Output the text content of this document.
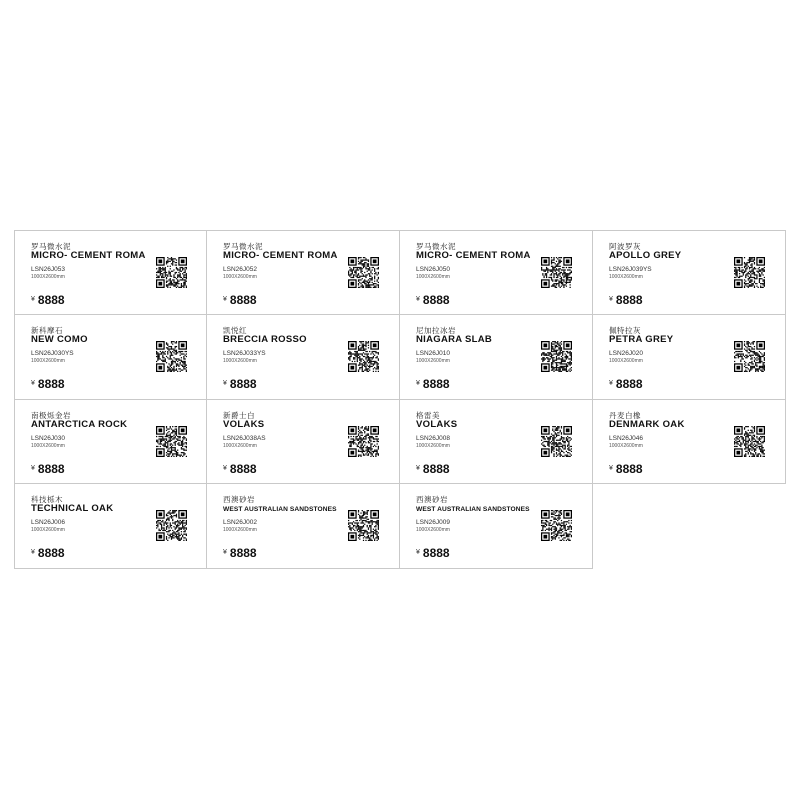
罗马微水泥
MICRO- CEMENT ROMA
LSN26J053
1000X2600mm
¥ 8888
罗马微水泥
MICRO- CEMENT ROMA
LSN26J052
1000X2600mm
¥ 8888
罗马微水泥
MICRO- CEMENT ROMA
LSN26J050
1000X2600mm
¥ 8888
阿波罗灰
APOLLO GREY
LSN26J039YS
1000X2600mm
¥ 8888
新科摩石
NEW COMO
LSN26J030YS
1000X2600mm
¥ 8888
凯悦红
BRECCIA ROSSO
LSN26J033YS
1000X2600mm
¥ 8888
尼加拉冰岩
NIAGARA SLAB
LSN26J010
1000X2600mm
¥ 8888
佩特拉灰
PETRA GREY
LSN26J020
1000X2600mm
¥ 8888
南极烁金岩
ANTARCTICA ROCK
LSN26J030
1000X2600mm
¥ 8888
新爵士白
VOLAKS
LSN26J038AS
1000X2600mm
¥ 8888
格雷美
VOLAKS
LSN26J008
1000X2600mm
¥ 8888
丹麦白橡
DENMARK OAK
LSN26J046
1000X2600mm
¥ 8888
科技栎木
TECHNICAL OAK
LSN26J006
1000X2600mm
¥ 8888
西澳砂岩
WEST AUSTRALIAN SANDSTONES
LSN26J002
1000X2600mm
¥ 8888
西澳砂岩
WEST AUSTRALIAN SANDSTONES
LSN26J009
1000X2600mm
¥ 8888
